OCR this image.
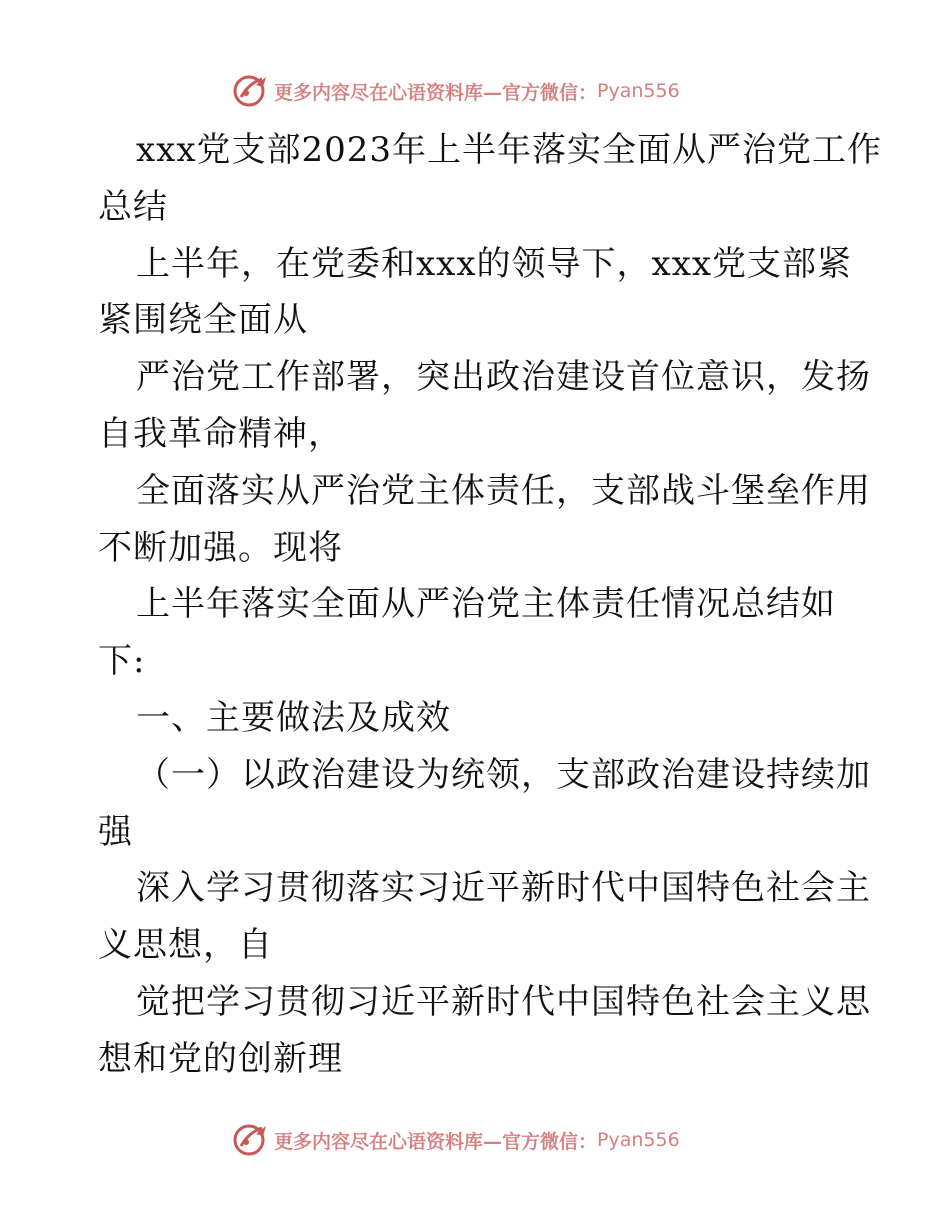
更多内容尽在心语资料库—官方微信： Pyan556
xxx党支部2023年上半年落实全面从严治党工作
总结
上半年，在党委和xxx的领导下，xxx党支部紧
紧围绕全面从
严治党工作部署，突出政治建设首位意识，发扬
自我革命精神，
全面落实从严治党主体责任，支部战斗堡垒作用
不断加强。现将
上半年落实全面从严治党主体责任情况总结如
下:
一、主要做法及成效
（一）以政治建设为统领，支部政治建设持续加
强
深入学习贯彻落实习近平新时代中国特色社会主
义思想，自
觉把学习贯彻习近平新时代中国特色社会主义思
想和党的创新理
更多内容尽在心语资料库—官方微信： Pyan556
